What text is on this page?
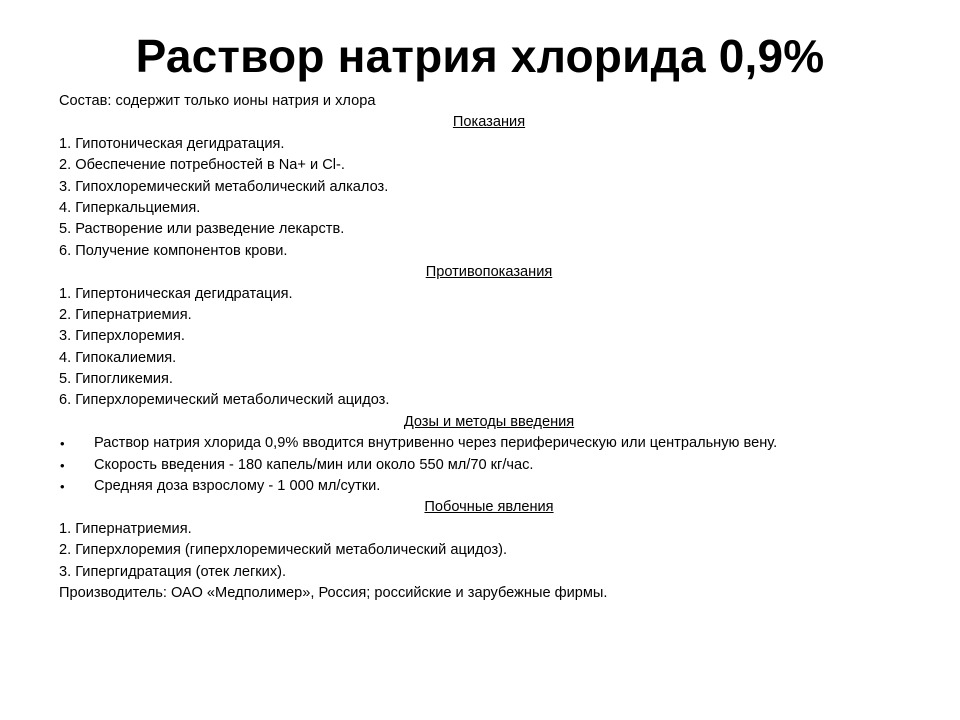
Раствор натрия хлорида 0,9%
Состав: содержит только ионы натрия и хлора
Показания
1. Гипотоническая дегидратация.
2. Обеспечение потребностей в Na+ и Cl-.
3. Гипохлоремический метаболический алкалоз.
4. Гиперкальциемия.
5. Растворение или разведение лекарств.
6. Получение компонентов крови.
Противопоказания
1. Гипертоническая дегидратация.
2. Гипернатриемия.
3. Гиперхлоремия.
4. Гипокалиемия.
5. Гипогликемия.
6. Гиперхлоремический метаболический ацидоз.
Дозы и методы введения
• Раствор натрия хлорида 0,9% вводится внутривенно через периферическую или центральную вену.
• Скорость введения - 180 капель/мин или около 550 мл/70 кг/час.
• Средняя доза взрослому - 1 000 мл/сутки.
Побочные явления
1. Гипернатриемия.
2. Гиперхлоремия (гиперхлоремический метаболический ацидоз).
3. Гипергидратация (отек легких).
Производитель: ОАО «Медполимер», Россия; российские и зарубежные фирмы.
